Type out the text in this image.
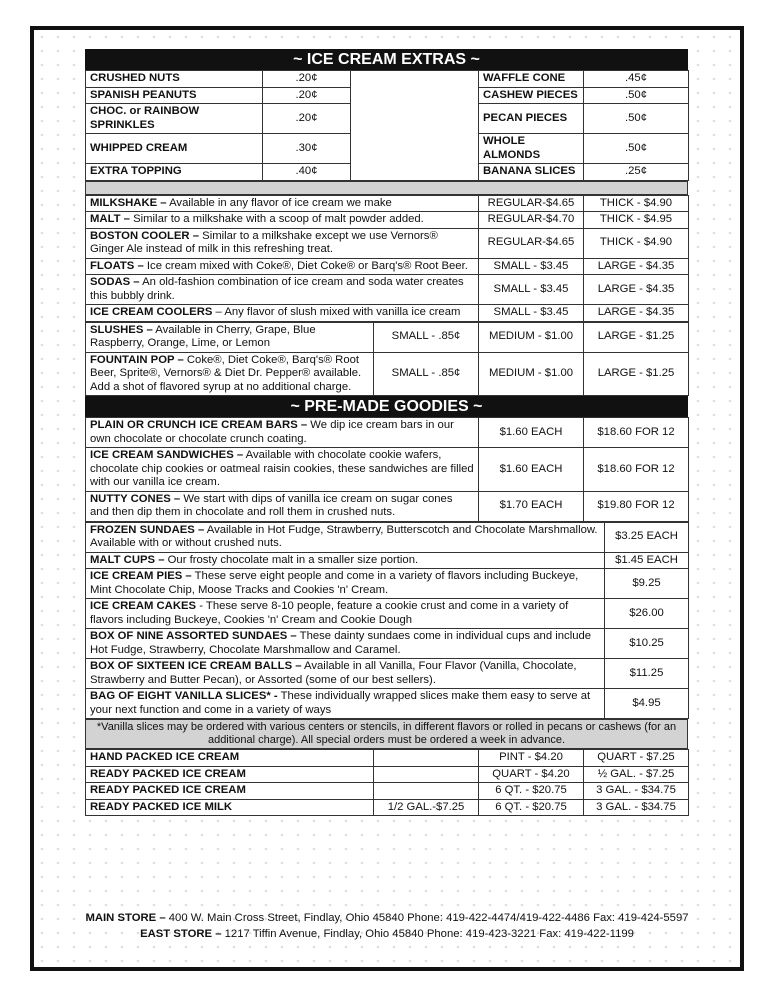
~ ICE CREAM EXTRAS ~
CRUSHED NUTS	.20¢		WAFFLE CONE	.45¢
SPANISH PEANUTS	.20¢		CASHEW PIECES	.50¢
CHOC. or RAINBOW SPRINKLES	.20¢		PECAN PIECES	.50¢
WHIPPED CREAM	.30¢		WHOLE ALMONDS	.50¢
EXTRA TOPPING	.40¢		BANANA SLICES	.25¢
MILKSHAKE – Available in any flavor of ice cream we make	REGULAR-$4.65	THICK - $4.90
MALT – Similar to a milkshake with a scoop of malt powder added.	REGULAR-$4.70	THICK - $4.95
BOSTON COOLER – Similar to a milkshake except we use Vernors® Ginger Ale instead of milk in this refreshing treat.	REGULAR-$4.65	THICK - $4.90
FLOATS – Ice cream mixed with Coke®, Diet Coke® or Barq's® Root Beer.	SMALL - $3.45	LARGE - $4.35
SODAS – An old-fashion combination of ice cream and soda water creates this bubbly drink.	SMALL - $3.45	LARGE - $4.35
ICE CREAM COOLERS – Any flavor of slush mixed with vanilla ice cream	SMALL - $3.45	LARGE - $4.35
SLUSHES – Available in Cherry, Grape, Blue Raspberry, Orange, Lime, or Lemon	SMALL - .85¢	MEDIUM - $1.00	LARGE - $1.25
FOUNTAIN POP – Coke®, Diet Coke®, Barq's® Root Beer, Sprite®, Vernors® & Diet Dr. Pepper® available. Add a shot of flavored syrup at no additional charge.	SMALL - .85¢	MEDIUM - $1.00	LARGE - $1.25
~ PRE-MADE GOODIES ~
PLAIN OR CRUNCH ICE CREAM BARS – We dip ice cream bars in our own chocolate or chocolate crunch coating.	$1.60 EACH	$18.60 FOR 12
ICE CREAM SANDWICHES – Available with chocolate cookie wafers, chocolate chip cookies or oatmeal raisin cookies, these sandwiches are filled with our vanilla ice cream.	$1.60 EACH	$18.60 FOR 12
NUTTY CONES – We start with dips of vanilla ice cream on sugar cones and then dip them in chocolate and roll them in crushed nuts.	$1.70 EACH	$19.80 FOR 12
FROZEN SUNDAES – Available in Hot Fudge, Strawberry, Butterscotch and Chocolate Marshmallow. Available with or without crushed nuts.	$3.25 EACH
MALT CUPS – Our frosty chocolate malt in a smaller size portion.	$1.45 EACH
ICE CREAM PIES – These serve eight people and come in a variety of flavors including Buckeye, Mint Chocolate Chip, Moose Tracks and Cookies 'n' Cream.	$9.25
ICE CREAM CAKES - These serve 8-10 people, feature a cookie crust and come in a variety of flavors including Buckeye, Cookies 'n' Cream and Cookie Dough	$26.00
BOX OF NINE ASSORTED SUNDAES – These dainty sundaes come in individual cups and include Hot Fudge, Strawberry, Chocolate Marshmallow and Caramel.	$10.25
BOX OF SIXTEEN ICE CREAM BALLS – Available in all Vanilla, Four Flavor (Vanilla, Chocolate, Strawberry and Butter Pecan), or Assorted (some of our best sellers).	$11.25
BAG OF EIGHT VANILLA SLICES* - These individually wrapped slices make them easy to serve at your next function and come in a variety of ways	$4.95
*Vanilla slices may be ordered with various centers or stencils, in different flavors or rolled in pecans or cashews (for an additional charge). All special orders must be ordered a week in advance.
HAND PACKED ICE CREAM		PINT - $4.20	QUART - $7.25
READY PACKED ICE CREAM		QUART - $4.20	½ GAL. - $7.25
READY PACKED ICE CREAM		6 QT. - $20.75	3 GAL. - $34.75
READY PACKED ICE MILK	1/2 GAL.-$7.25	6 QT. - $20.75	3 GAL. - $34.75
MAIN STORE – 400 W. Main Cross Street, Findlay, Ohio 45840 Phone: 419-422-4474/419-422-4486 Fax: 419-424-5597
EAST STORE – 1217 Tiffin Avenue, Findlay, Ohio 45840 Phone: 419-423-3221 Fax: 419-422-1199
